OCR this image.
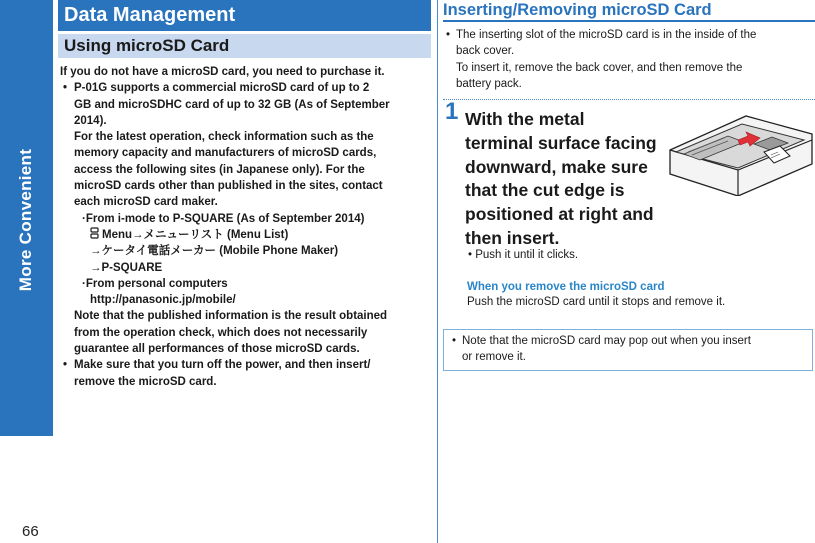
More Convenient
66
Data Management
Using microSD Card
If you do not have a microSD card, you need to purchase it.
• P-01G supports a commercial microSD card of up to 2
GB and microSDHC card of up to 32 GB (As of September
2014).
For the latest operation, check information such as the
memory capacity and manufacturers of microSD cards,
access the following sites (in Japanese only). For the
microSD cards other than published in the sites, contact
each microSD card maker.
·From i-mode to P-SQUARE (As of September 2014)
Menu→メニューリスト (Menu List)
→ケータイ電話メーカー (Mobile Phone Maker)
→P-SQUARE
·From personal computers
http://panasonic.jp/mobile/
Note that the published information is the result obtained
from the operation check, which does not necessarily
guarantee all performances of those microSD cards.
• Make sure that you turn off the power, and then insert/
remove the microSD card.
Inserting/Removing microSD Card
• The inserting slot of the microSD card is in the inside of the
back cover.
To insert it, remove the back cover, and then remove the
battery pack.
1 With the metal
terminal surface facing
downward, make sure
that the cut edge is
positioned at right and
then insert.
• Push it until it clicks.
When you remove the microSD card
Push the microSD card until it stops and remove it.
• Note that the microSD card may pop out when you insert
or remove it.
